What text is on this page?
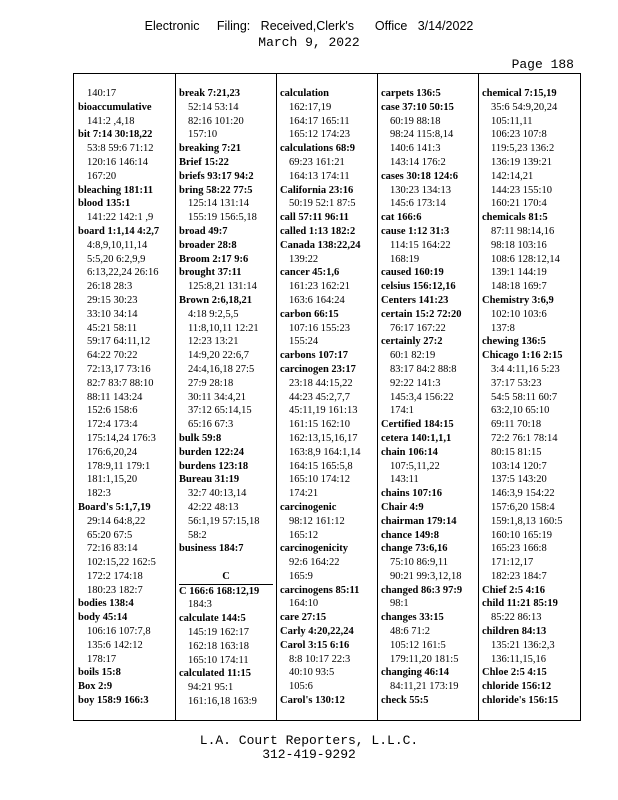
Electronic     Filing:   Received,Clerk's      Office   3/14/2022
March 9, 2022
Page 188
140:17
bioaccumulative
141:2 ,4,18
bit 7:14 30:18,22
53:8 59:6 71:12
120:16 146:14
167:20
bleaching 181:11
blood 135:1
141:22 142:1 ,9
board 1:1,14 4:2,7
4:8,9,10,11,14
5:5,20 6:2,9,9
6:13,22,24 26:16
26:18 28:3
29:15 30:23
33:10 34:14
45:21 58:11
59:17 64:11,12
64:22 70:22
72:13,17 73:16
82:7 83:7 88:10
88:11 143:24
152:6 158:6
172:4 173:4
175:14,24 176:3
176:6,20,24
178:9,11 179:1
181:1,15,20
182:3
Board's 5:1,7,19
29:14 64:8,22
65:20 67:5
72:16 83:14
102:15,22 162:5
172:2 174:18
180:23 182:7
bodies 138:4
body 45:14
106:16 107:7,8
135:6 142:12
178:17
boils 15:8
Box 2:9
boy 158:9 166:3
break 7:21,23
52:14 53:14
82:16 101:20
157:10
breaking 7:21
Brief 15:22
briefs 93:17 94:2
bring 58:22 77:5
125:14 131:14
155:19 156:5,18
broad 49:7
broader 28:8
Broom 2:17 9:6
brought 37:11
125:8,21 131:14
Brown 2:6,18,21
4:18 9:2,5,5
11:8,10,11 12:21
12:23 13:21
14:9,20 22:6,7
24:4,16,18 27:5
27:9 28:18
30:11 34:4,21
37:12 65:14,15
65:16 67:3
bulk 59:8
burden 122:24
burdens 123:18
Bureau 31:19
32:7 40:13,14
42:22 48:13
56:1,19 57:15,18
58:2
business 184:7

C
C 166:6 168:12,19
184:3
calculate 144:5
145:19 162:17
162:18 163:18
165:10 174:11
calculated 11:15
94:21 95:1
161:16,18 163:9
calculation
162:17,19
164:17 165:11
165:12 174:23
calculations 68:9
69:23 161:21
164:13 174:11
California 23:16
50:19 52:1 87:5
call 57:11 96:11
called 1:13 182:2
Canada 138:22,24
139:22
cancer 45:1,6
161:23 162:21
163:6 164:24
carbon 66:15
107:16 155:23
155:24
carbons 107:17
carcinogen 23:17
23:18 44:15,22
44:23 45:2,7,7
45:11,19 161:13
161:15 162:10
162:13,15,16,17
163:8,9 164:1,14
164:15 165:5,8
165:10 174:12
174:21
carcinogenic
98:12 161:12
165:12
carcinogenicity
92:6 164:22
165:9
carcinogens 85:11
164:10
care 27:15
Carly 4:20,22,24
Carol 3:15 6:16
8:8 10:17 22:3
40:10 93:5
105:6
Carol's 130:12
carpets 136:5
case 37:10 50:15
60:19 88:18
98:24 115:8,14
140:6 141:3
143:14 176:2
cases 30:18 124:6
130:23 134:13
145:6 173:14
cat 166:6
cause 1:12 31:3
114:15 164:22
168:19
caused 160:19
celsius 156:12,16
Centers 141:23
certain 15:2 72:20
76:17 167:22
certainly 27:2
60:1 82:19
83:17 84:2 88:8
92:22 141:3
145:3,4 156:22
174:1
Certified 184:15
cetera 140:1,1,1
chain 106:14
107:5,11,22
143:11
chains 107:16
Chair 4:9
chairman 179:14
chance 149:8
change 73:6,16
75:10 86:9,11
90:21 99:3,12,18
changed 86:3 97:9
98:1
changes 33:15
48:6 71:2
105:12 161:5
179:11,20 181:5
changing 46:14
84:11,21 173:19
check 55:5
chemical 7:15,19
35:6 54:9,20,24
105:11,11
106:23 107:8
119:5,23 136:2
136:19 139:21
142:14,21
144:23 155:10
160:21 170:4
chemicals 81:5
87:11 98:14,16
98:18 103:16
108:6 128:12,14
139:1 144:19
148:18 169:7
Chemistry 3:6,9
102:10 103:6
137:8
chewing 136:5
Chicago 1:16 2:15
3:4 4:11,16 5:23
37:17 53:23
54:5 58:11 60:7
63:2,10 65:10
69:11 70:18
72:2 76:1 78:14
80:15 81:15
103:14 120:7
137:5 143:20
146:3,9 154:22
157:6,20 158:4
159:1,8,13 160:5
160:10 165:19
165:23 166:8
171:12,17
182:23 184:7
Chief 2:5 4:16
child 11:21 85:19
85:22 86:13
children 84:13
135:21 136:2,3
136:11,15,16
Chloe 2:5 4:15
chloride 156:12
chloride's 156:15
L.A. Court Reporters, L.L.C.
312-419-9292
